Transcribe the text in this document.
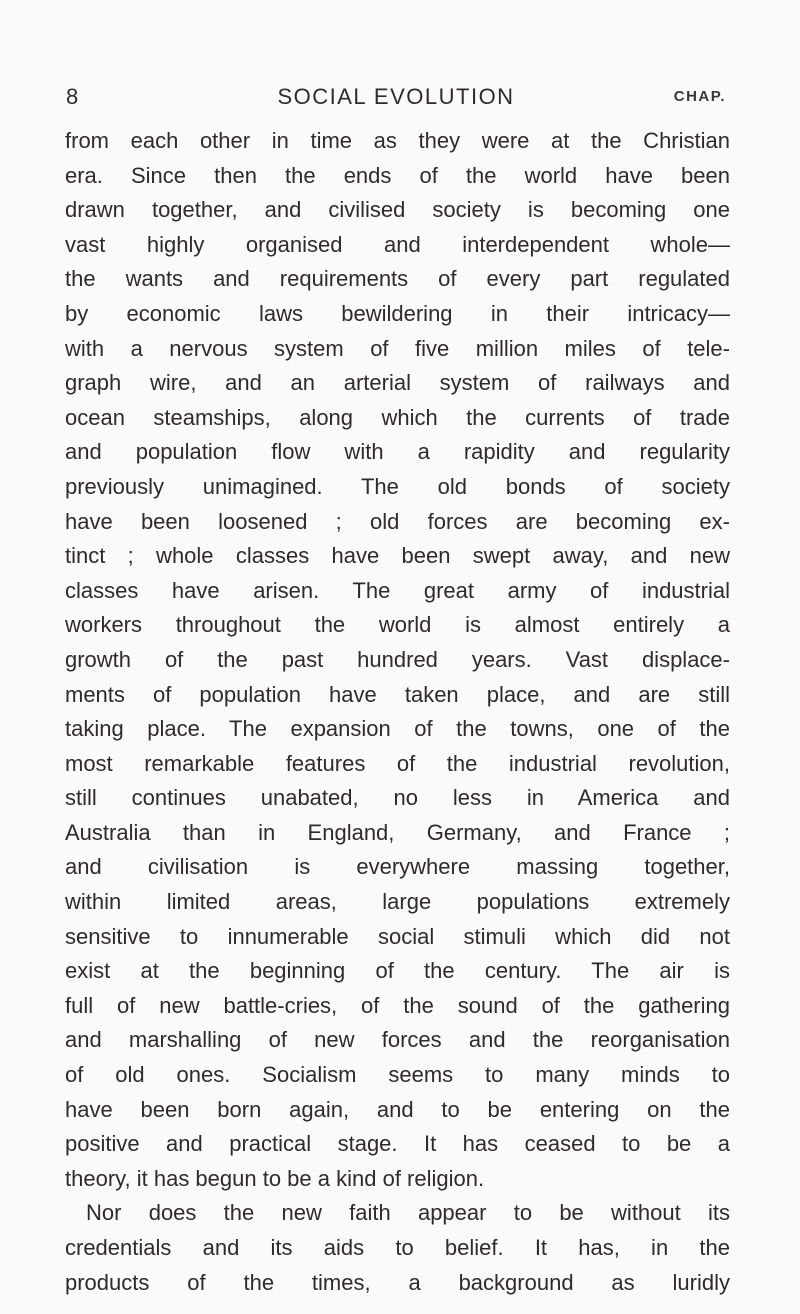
8	SOCIAL EVOLUTION	CHAP.
from each other in time as they were at the Christian
era. Since then the ends of the world have been
drawn together, and civilised society is becoming one
vast highly organised and interdependent whole—
the wants and requirements of every part regulated
by economic laws bewildering in their intricacy—
with a nervous system of five million miles of tele-
graph wire, and an arterial system of railways and
ocean steamships, along which the currents of trade
and population flow with a rapidity and regularity
previously unimagined. The old bonds of society
have been loosened ; old forces are becoming ex-
tinct ; whole classes have been swept away, and new
classes have arisen. The great army of industrial
workers throughout the world is almost entirely a
growth of the past hundred years. Vast displace-
ments of population have taken place, and are still
taking place. The expansion of the towns, one of the
most remarkable features of the industrial revolution,
still continues unabated, no less in America and
Australia than in England, Germany, and France ;
and civilisation is everywhere massing together,
within limited areas, large populations extremely
sensitive to innumerable social stimuli which did not
exist at the beginning of the century. The air is
full of new battle-cries, of the sound of the gathering
and marshalling of new forces and the reorganisation
of old ones. Socialism seems to many minds to
have been born again, and to be entering on the
positive and practical stage. It has ceased to be a
theory, it has begun to be a kind of religion.
Nor does the new faith appear to be without its
credentials and its aids to belief. It has, in the
products of the times, a background as luridly
